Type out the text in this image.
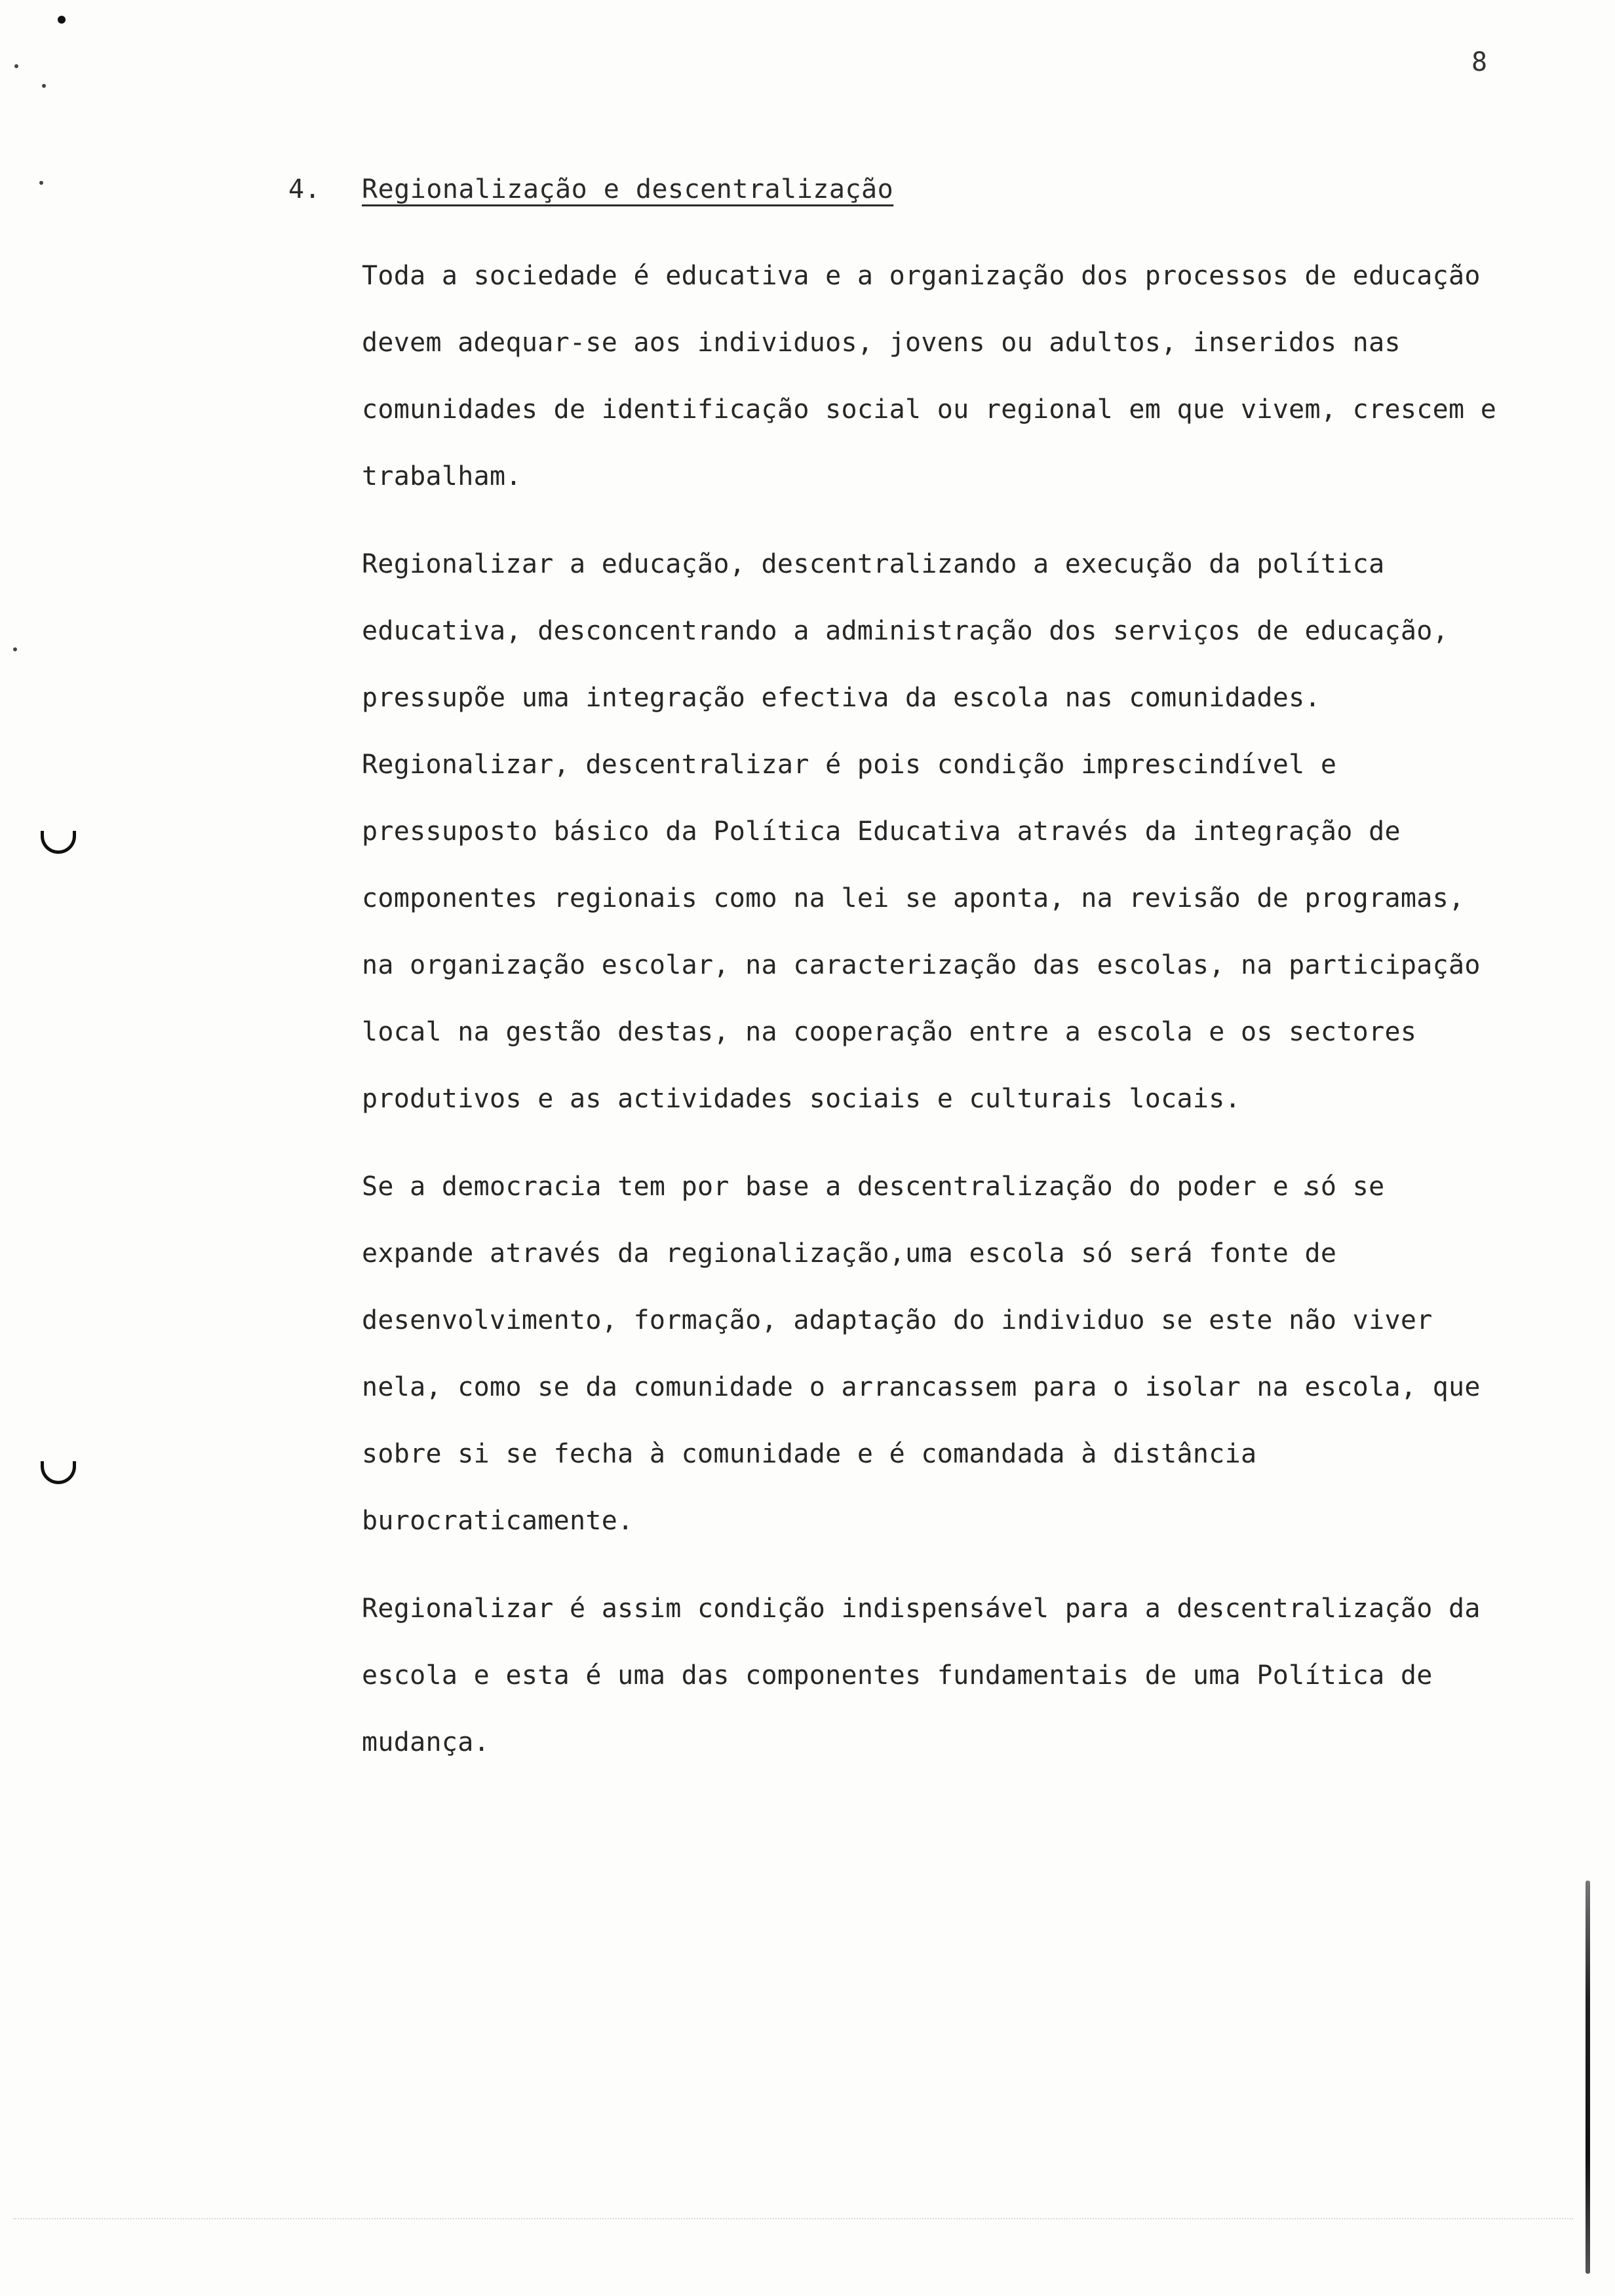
8
4.	Regionalização e descentralização

Toda a sociedade é educativa e a organização dos processos de educação devem adequar-se aos individuos, jovens ou adultos, inseridos nas comunidades de identificação social ou regional em que vivem, crescem e trabalham.

Regionalizar a educação, descentralizando a execução da política educativa, desconcentrando a administração dos serviços de educação, pressupõe uma integração efectiva da escola nas comunidades. Regionalizar, descentralizar é pois condição imprescindível e pressuposto básico da Política Educativa através da integração de componentes regionais como na lei se aponta, na revisão de programas, na organização escolar, na caracterização das escolas, na participação local na gestão destas, na cooperação entre a escola e os sectores produtivos e as actividades sociais e culturais locais.

Se a democracia tem por base a descentralização do poder e só se expande através da regionalização,uma escola só será fonte de desenvolvimento, formação, adaptação do individuo se este não viver nela, como se da comunidade o arrancassem para o isolar na escola, que sobre si se fecha à comunidade e é comandada à distância burocraticamente.

Regionalizar é assim condição indispensável para a descentralização da escola e esta é uma das componentes fundamentais de uma Política de mudança.
